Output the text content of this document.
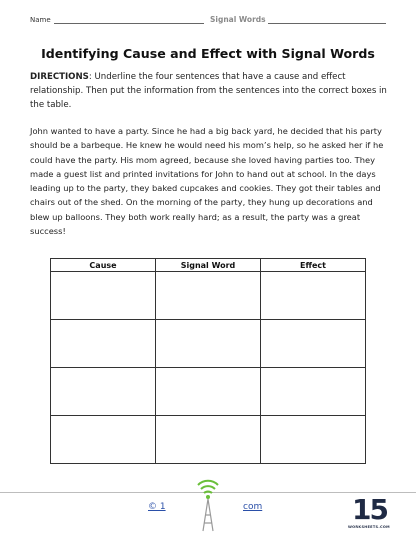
Name	Signal Words
Identifying Cause and Effect with Signal Words
DIRECTIONS: Underline the four sentences that have a cause and effect relationship. Then put the information from the sentences into the correct boxes in the table.
John wanted to have a party. Since he had a big back yard, he decided that his party should be a barbeque. He knew he would need his mom’s help, so he asked her if he could have the party. His mom agreed, because she loved having parties too. They made a guest list and printed invitations for John to hand out at school. In the days leading up to the party, they baked cupcakes and cookies. They got their tables and chairs out of the shed. On the morning of the party, they hung up decorations and blew up balloons. They both work really hard; as a result, the party was a great success!
Cause	Signal Word	Effect

© 1	com	15
WORKSHEETS.COM
